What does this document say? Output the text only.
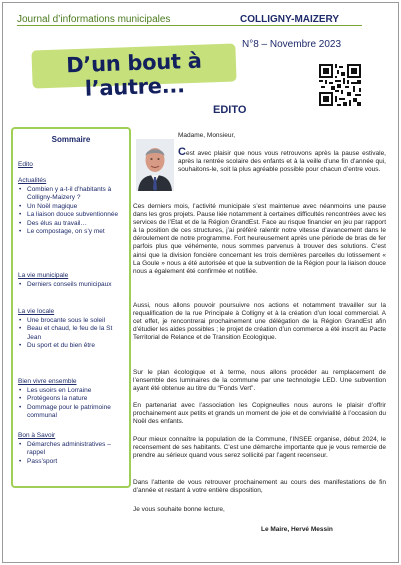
Journal d’informations municipales	COLLIGNY-MAIZERY
N°8 – Novembre 2023
D’un bout à l’autre...
EDITO
Sommaire
Edito
Actualités
• Combien y a-t-il d’habitants à Colligny-Maizery ?
• Un Noël magique
• La liaison douce subventionnée
• Des élus au travail…
• Le compostage, on s’y met
La vie municipale
• Derniers conseils municipaux
La vie locale
• Une brocante sous le soleil
• Beau et chaud, le feu de la St Jean
• Du sport et du bien être
Bien vivre ensemble
• Les usoirs en Lorraine
• Protégeons la nature
• Dommage pour le patrimoine communal
Bon à Savoir
• Démarches administratives – rappel
• Pass’sport
Madame, Monsieur,

Cest avec plaisir que nous vous retrouvons après la pause estivale, après la rentrée scolaire des enfants et à la veille d’une fin d’année qui, souhaitons-le, soit la plus agréable possible pour chacun d’entre vous.

Ces derniers mois, l’activité municipale s’est maintenue avec néanmoins une pause dans les gros projets. Pause liée notamment à certaines difficultés rencontrées avec les services de l’Etat et de la Région GrandEst. Face au risque financier en jeu par rapport à la position de ces structures, j’ai préféré ralentir notre vitesse d’avancement dans le déroulement de notre programme. Fort heureusement après une période de bras de fer parfois plus que véhémente, nous sommes parvenus à trouver des solutions. C’est ainsi que la division foncière concernant les trois dernières parcelles du lotissement « La Goule » nous a été autorisée et que la subvention de la Région pour la liaison douce nous a également été confirmée et notifiée.

Aussi, nous allons pouvoir poursuivre nos actions et notamment travailler sur la requalification de la rue Principale à Colligny et à la création d’un local commercial. A cet effet, je rencontrerai prochainement une délégation de la Région GrandEst afin d’étudier les aides possibles ; le projet de création d’un commerce a été inscrit au Pacte Territorial de Relance et de Transition Ecologique.

Sur le plan écologique et à terme, nous allons procéder au remplacement de l’ensemble des luminaires de la commune par une technologie LED. Une subvention ayant été obtenue au titre du “Fonds Vert”.

En partenariat avec l’association les Copigneulles nous aurons le plaisir d’offrir prochainement aux petits et grands un moment de joie et de convivialité à l’occasion du Noël des enfants.

Pour mieux connaître la population de la Commune, l’INSEE organise, début 2024, le recensement de ses habitants. C’est une démarche importante que je vous remercie de prendre au sérieux quand vous serez sollicité par l’agent recenseur.

Dans l’attente de vous retrouver prochainement au cours des manifestations de fin d’année et restant à votre entière disposition,

Je vous souhaite bonne lecture,

Le Maire, Hervé Messin
